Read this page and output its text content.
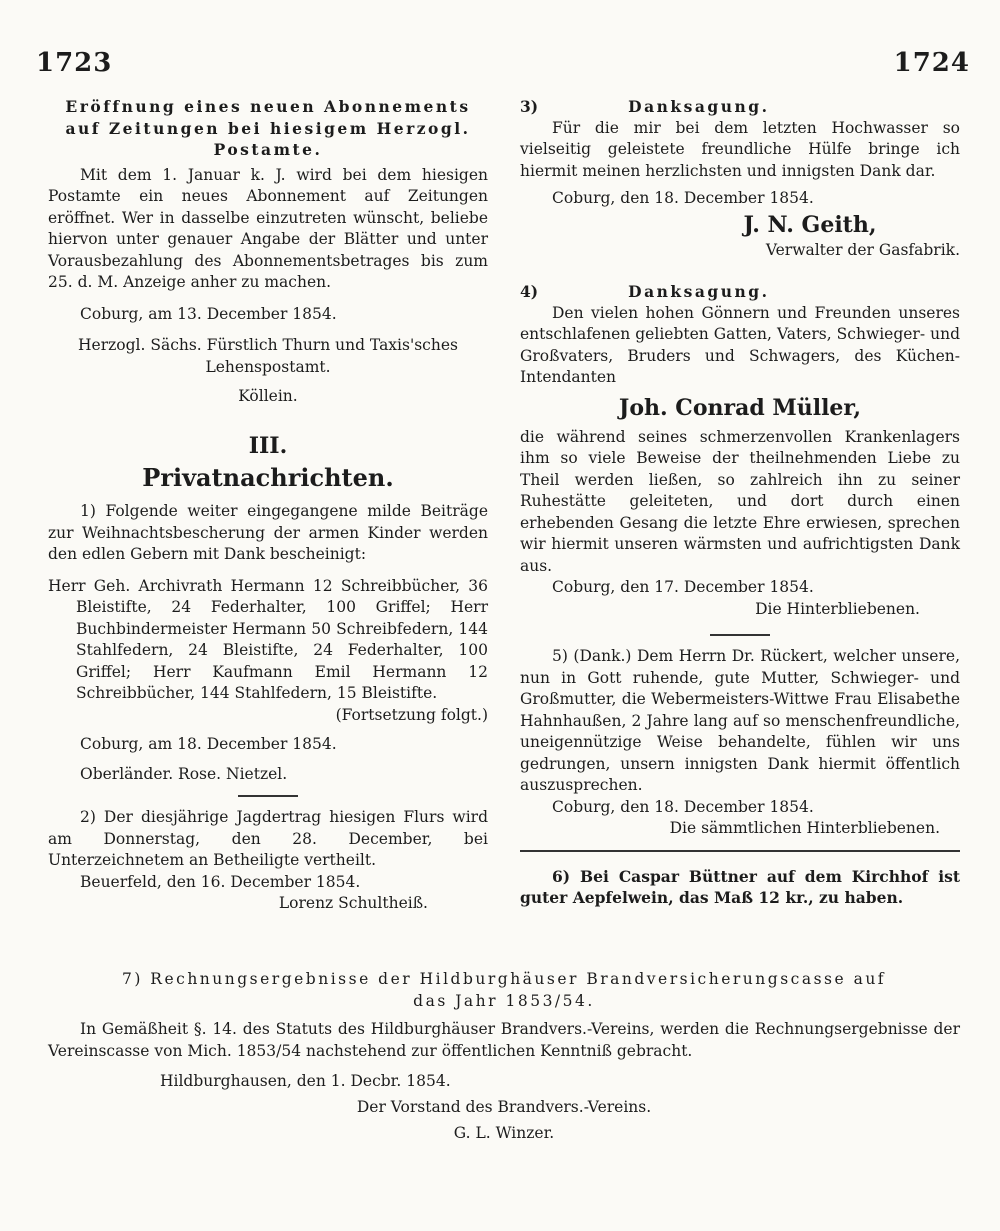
1723	1724
Eröffnung eines neuen Abonnements
auf Zeitungen bei hiesigem Herzogl.
Postamte.
Mit dem 1. Januar k. J. wird bei dem hiesigen Postamte ein neues Abonnement auf Zeitungen eröffnet. Wer in dasselbe einzutreten wünscht, beliebe hiervon unter genauer Angabe der Blätter und unter Vorausbezahlung des Abonnementsbetrages bis zum 25. d. M. Anzeige anher zu machen.
Coburg, am 13. December 1854.
Herzogl. Sächs. Fürstlich Thurn und Taxis'sches
Lehenspostamt.
Köllein.
III.
Privatnachrichten.
1) Folgende weiter eingegangene milde Beiträge zur Weihnachtsbescherung der armen Kinder werden den edlen Gebern mit Dank bescheinigt:
Herr Geh. Archivrath Hermann 12 Schreibbücher, 36 Bleistifte, 24 Federhalter, 100 Griffel; Herr Buchbindermeister Hermann 50 Schreibfedern, 144 Stahlfedern, 24 Bleistifte, 24 Federhalter, 100 Griffel; Herr Kaufmann Emil Hermann 12 Schreibbücher, 144 Stahlfedern, 15 Bleistifte.
(Fortsetzung folgt.)
Coburg, am 18. December 1854.
Oberländer. Rose. Nietzel.
2) Der diesjährige Jagdertrag hiesigen Flurs wird am Donnerstag, den 28. December, bei Unterzeichnetem an Betheiligte vertheilt.
Beuerfeld, den 16. December 1854.
Lorenz Schultheiß.
3)	Danksagung.
Für die mir bei dem letzten Hochwasser so vielseitig geleistete freundliche Hülfe bringe ich hiermit meinen herzlichsten und innigsten Dank dar.
Coburg, den 18. December 1854.
J. N. Geith,
Verwalter der Gasfabrik.
4)	Danksagung.
Den vielen hohen Gönnern und Freunden unseres entschlafenen geliebten Gatten, Vaters, Schwieger- und Großvaters, Bruders und Schwagers, des Küchen-Intendanten
Joh. Conrad Müller,
die während seines schmerzenvollen Krankenlagers ihm so viele Beweise der theilnehmenden Liebe zu Theil werden ließen, so zahlreich ihn zu seiner Ruhestätte geleiteten, und dort durch einen erhebenden Gesang die letzte Ehre erwiesen, sprechen wir hiermit unseren wärmsten und aufrichtigsten Dank aus.
Coburg, den 17. December 1854.
Die Hinterbliebenen.
5) (Dank.) Dem Herrn Dr. Rückert, welcher unsere, nun in Gott ruhende, gute Mutter, Schwieger- und Großmutter, die Webermeisters-Wittwe Frau Elisabethe Hahnhaußen, 2 Jahre lang auf so menschenfreundliche, uneigennützige Weise behandelte, fühlen wir uns gedrungen, unsern innigsten Dank hiermit öffentlich auszusprechen.
Coburg, den 18. December 1854.
Die sämmtlichen Hinterbliebenen.
6) Bei Caspar Büttner auf dem Kirchhof ist guter Aepfelwein, das Maß 12 kr., zu haben.
7) Rechnungsergebnisse der Hildburghäuser Brandversicherungscasse auf
das Jahr 1853/54.
In Gemäßheit §. 14. des Statuts des Hildburghäuser Brandvers.-Vereins, werden die Rechnungsergebnisse der Vereinscasse von Mich. 1853/54 nachstehend zur öffentlichen Kenntniß gebracht.
Hildburghausen, den 1. Decbr. 1854.
Der Vorstand des Brandvers.-Vereins.
G. L. Winzer.
